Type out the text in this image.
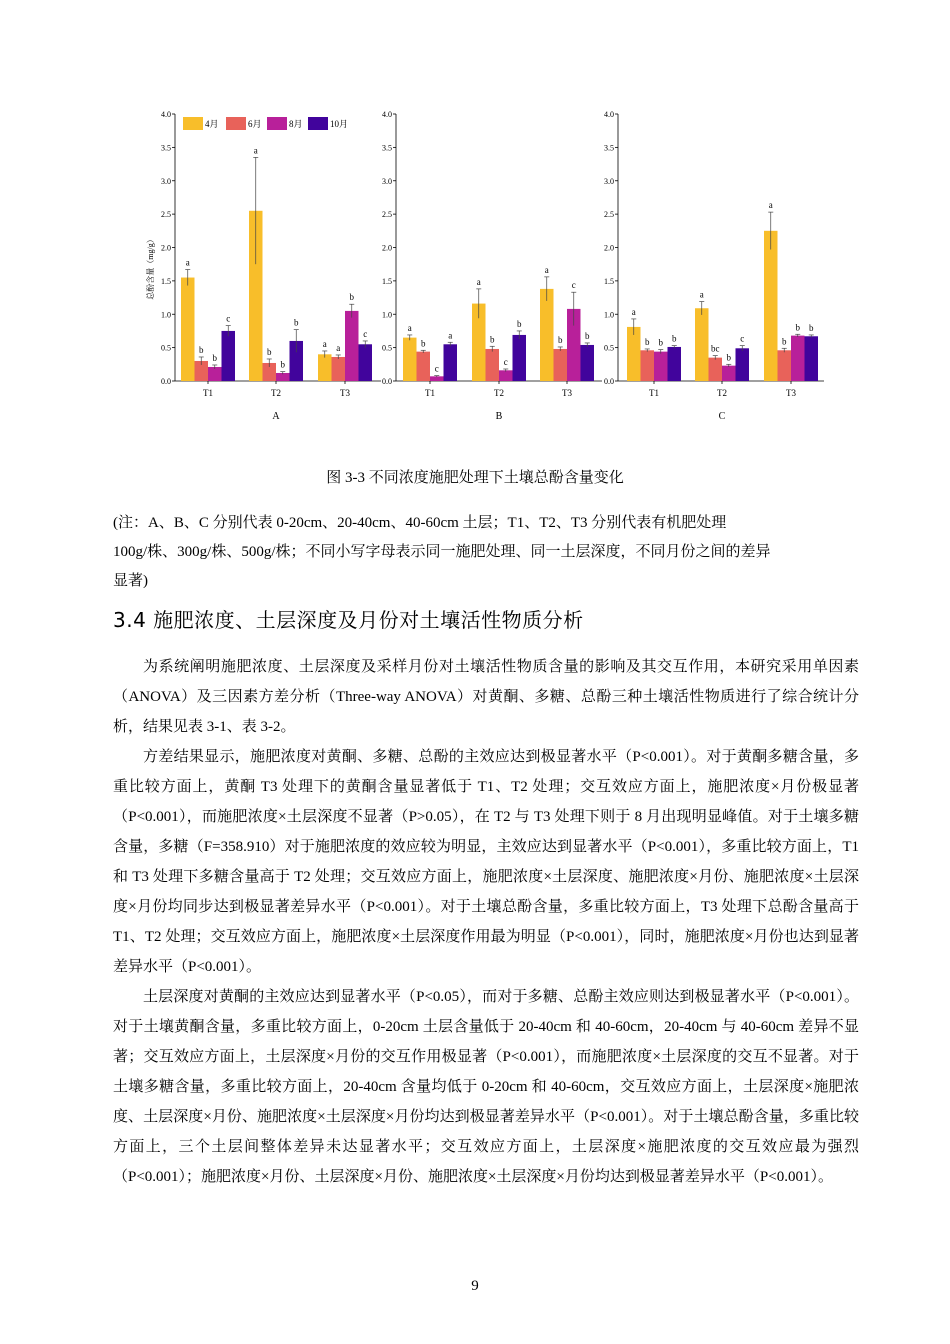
0.0
0.5
1.0
1.5
2.0
2.5
3.0
3.5
4.0
T1	T2	T3
A
总酚含量（mg/g）	a
a
a
b	b	a
b
b
b
c	b
c
4月	6月	8月	10月
0.0
0.5
1.0
1.5
2.0
2.5
3.0
3.5
4.0
T1	T2	T3
B
a
a
a
b	b	b
c
c
c
a
b
b
0.0
0.5
1.0
1.5
2.0
2.5
3.0
3.5
4.0
T1	T2	T3
C
a
a
a
b
bc
b
b
b
b
b	c
b
图 3-3 不同浓度施肥处理下土壤总酚含量变化
(注：A、B、C 分别代表 0-20cm、20-40cm、40-60cm 土层；T1、T2、T3 分别代表有机肥处理
100g/株、300g/株、500g/株；不同小写字母表示同一施肥处理、同一土层深度，不同月份之间的差异
显著)
3.4 施肥浓度、土层深度及月份对土壤活性物质分析

为系统阐明施肥浓度、土层深度及采样月份对土壤活性物质含量的影响及其交互作用，本研究采用单因素（ANOVA）及三因素方差分析（Three-way ANOVA）对黄酮、多糖、总酚三种土壤活性物质进行了综合统计分析，结果见表 3-1、表 3-2。

方差结果显示，施肥浓度对黄酮、多糖、总酚的主效应达到极显著水平（P<0.001）。对于黄酮多糖含量，多重比较方面上，黄酮 T3 处理下的黄酮含量显著低于 T1、T2 处理；交互效应方面上，施肥浓度×月份极显著（P<0.001），而施肥浓度×土层深度不显著（P>0.05），在 T2 与 T3 处理下则于 8 月出现明显峰值。对于土壤多糖含量，多糖（F=358.910）对于施肥浓度的效应较为明显，主效应达到显著水平（P<0.001），多重比较方面上，T1 和 T3 处理下多糖含量高于 T2 处理；交互效应方面上，施肥浓度×土层深度、施肥浓度×月份、施肥浓度×土层深度×月份均同步达到极显著差异水平（P<0.001）。对于土壤总酚含量，多重比较方面上，T3 处理下总酚含量高于 T1、T2 处理；交互效应方面上，施肥浓度×土层深度作用最为明显（P<0.001），同时，施肥浓度×月份也达到显著差异水平（P<0.001）。

土层深度对黄酮的主效应达到显著水平（P<0.05），而对于多糖、总酚主效应则达到极显著水平（P<0.001）。对于土壤黄酮含量，多重比较方面上，0-20cm 土层含量低于 20-40cm 和 40-60cm，20-40cm 与 40-60cm 差异不显著；交互效应方面上，土层深度×月份的交互作用极显著（P<0.001），而施肥浓度×土层深度的交互不显著。对于土壤多糖含量，多重比较方面上，20-40cm 含量均低于 0-20cm 和 40-60cm，交互效应方面上，土层深度×施肥浓度、土层深度×月份、施肥浓度×土层深度×月份均达到极显著差异水平（P<0.001）。对于土壤总酚含量，多重比较方面上，三个土层间整体差异未达显著水平；交互效应方面上，土层深度×施肥浓度的交互效应最为强烈（P<0.001）；施肥浓度×月份、土层深度×月份、施肥浓度×土层深度×月份均达到极显著差异水平（P<0.001）。

9
